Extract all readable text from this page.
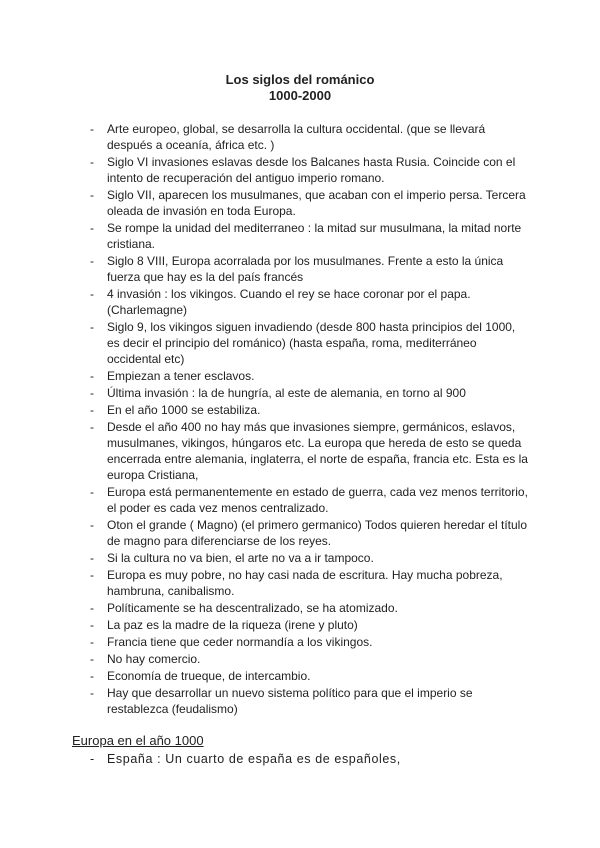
Los siglos del románico
1000-2000
- Arte europeo, global, se desarrolla la cultura occidental. (que se llevará después a oceanía, áfrica etc. )
- Siglo VI invasiones eslavas desde los Balcanes hasta Rusia. Coincide con el intento de recuperación del antiguo imperio romano.
- Siglo VII, aparecen los musulmanes, que acaban con el imperio persa. Tercera oleada de invasión en toda Europa.
- Se rompe la unidad del mediterraneo : la mitad sur musulmana, la mitad norte cristiana.
- Siglo 8 VIII, Europa acorralada por los musulmanes. Frente a esto la única fuerza que hay es la del país francés
- 4 invasión : los vikingos. Cuando el rey se hace coronar por el papa. (Charlemagne)
- Siglo 9, los vikingos siguen invadiendo (desde 800 hasta principios del 1000, es decir el principio del románico) (hasta españa, roma, mediterráneo occidental etc)
- Empiezan a tener esclavos.
- Última invasión : la de hungría, al este de alemania, en torno al 900
- En el año 1000 se estabiliza.
- Desde el año 400 no hay más que invasiones siempre, germánicos, eslavos, musulmanes, vikingos, húngaros etc. La europa que hereda de esto se queda encerrada entre alemania, inglaterra, el norte de españa, francia etc. Esta es la europa Cristiana,
- Europa está permanentemente en estado de guerra, cada vez menos territorio, el poder es cada vez menos centralizado.
- Oton el grande ( Magno) (el primero germanico) Todos quieren heredar el título de magno para diferenciarse de los reyes.
- Si la cultura no va bien, el arte no va a ir tampoco.
- Europa es muy pobre, no hay casi nada de escritura. Hay mucha pobreza, hambruna, canibalismo.
- Políticamente se ha descentralizado, se ha atomizado.
- La paz es la madre de la riqueza (irene y pluto)
- Francia tiene que ceder normandía a los vikingos.
- No hay comercio.
- Economía de trueque, de intercambio.
- Hay que desarrollar un nuevo sistema político para que el imperio se restablezca (feudalismo)
Europa en el año 1000
- España : Un cuarto de españa es de españoles,
